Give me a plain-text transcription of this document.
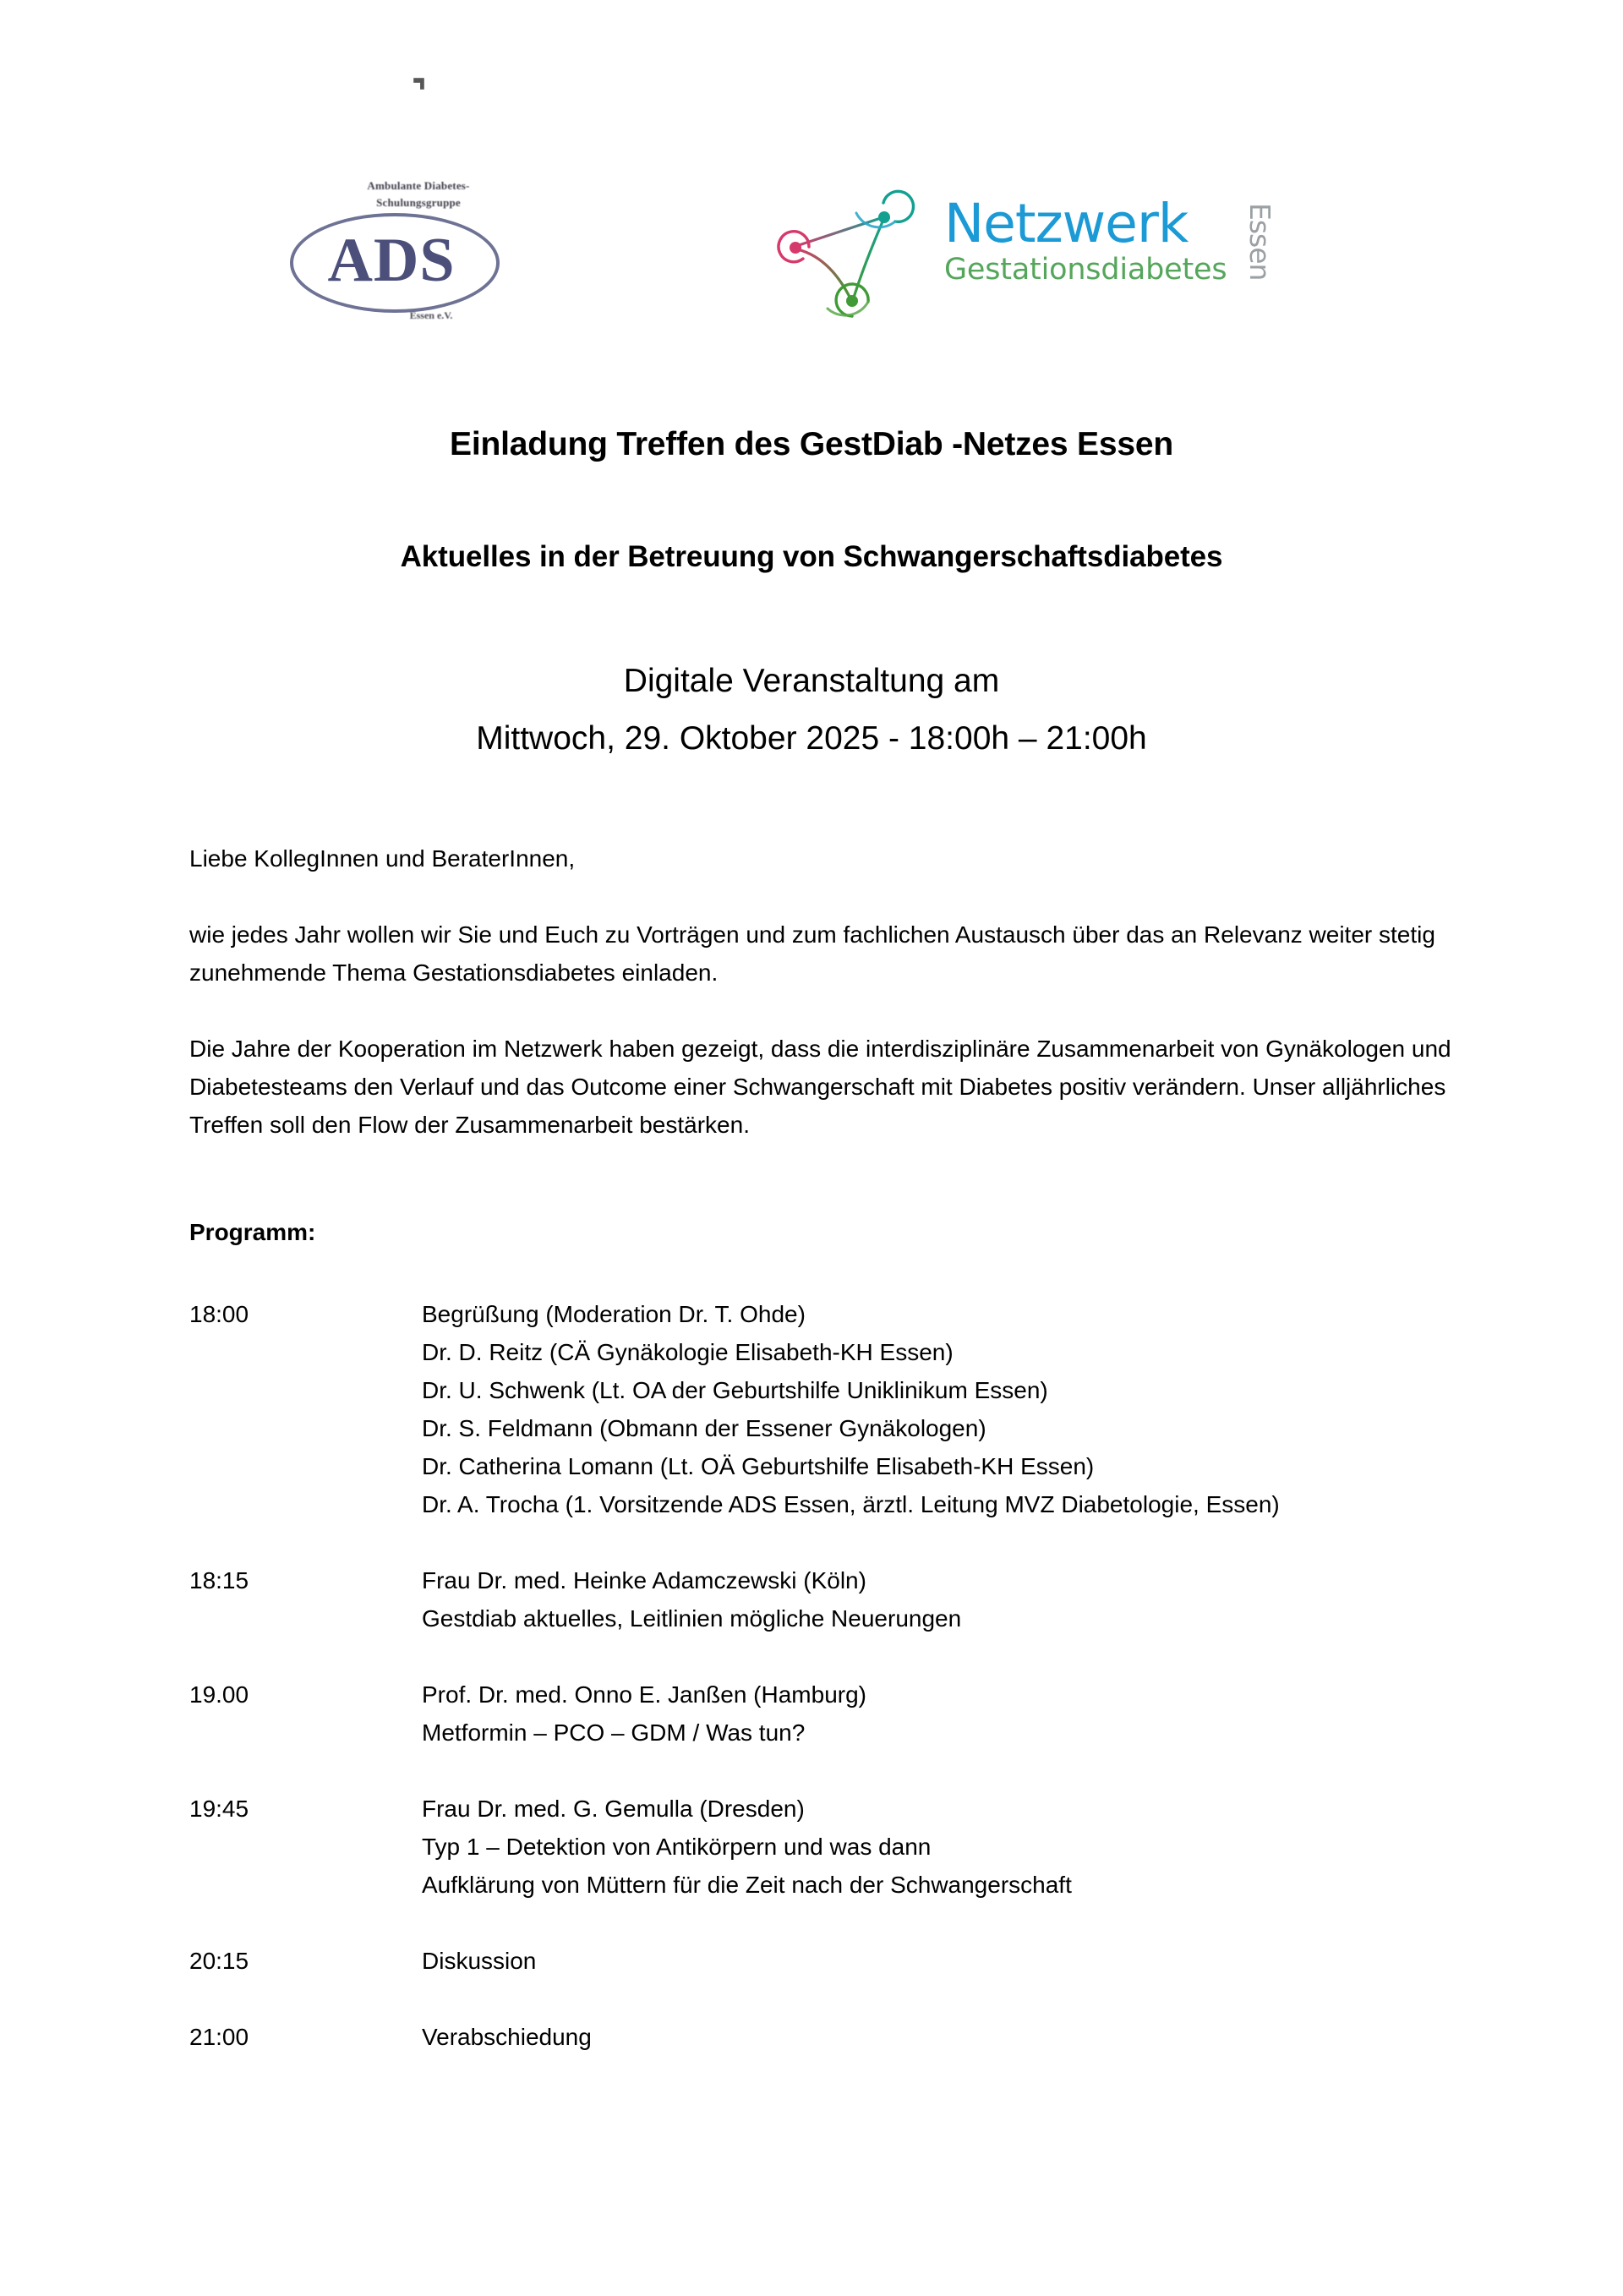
Ambulante Diabetes-
Schulungsgruppe
ADS
Essen e.V.
Netzwerk
Gestationsdiabetes Essen
Einladung Treffen des GestDiab -Netzes Essen
Aktuelles in der Betreuung von Schwangerschaftsdiabetes
Digitale Veranstaltung am
Mittwoch, 29. Oktober 2025 - 18:00h – 21:00h

Liebe KollegInnen und BeraterInnen,

wie jedes Jahr wollen wir Sie und Euch zu Vorträgen und zum fachlichen Austausch über das an Relevanz weiter stetig zunehmende Thema Gestationsdiabetes einladen.

Die Jahre der Kooperation im Netzwerk haben gezeigt, dass die interdisziplinäre Zusammenarbeit von Gynäkologen und Diabetesteams den Verlauf und das Outcome einer Schwangerschaft mit Diabetes positiv verändern. Unser alljährliches Treffen soll den Flow der Zusammenarbeit bestärken.

Programm:
18:00	Begrüßung (Moderation Dr. T. Ohde)
Dr. D. Reitz (CÄ Gynäkologie Elisabeth-KH Essen)
Dr. U. Schwenk (Lt. OA der Geburtshilfe Uniklinikum Essen)
Dr. S. Feldmann (Obmann der Essener Gynäkologen)
Dr. Catherina Lomann (Lt. OÄ Geburtshilfe Elisabeth-KH Essen)
Dr. A. Trocha (1. Vorsitzende ADS Essen, ärztl. Leitung MVZ Diabetologie, Essen)
18:15	Frau Dr. med. Heinke Adamczewski (Köln)
Gestdiab aktuelles, Leitlinien mögliche Neuerungen
19.00	Prof. Dr. med. Onno E. Janßen (Hamburg)
Metformin – PCO – GDM / Was tun?
19:45	Frau Dr. med. G. Gemulla (Dresden)
Typ 1 – Detektion von Antikörpern und was dann
Aufklärung von Müttern für die Zeit nach der Schwangerschaft
20:15	Diskussion
21:00	Verabschiedung
